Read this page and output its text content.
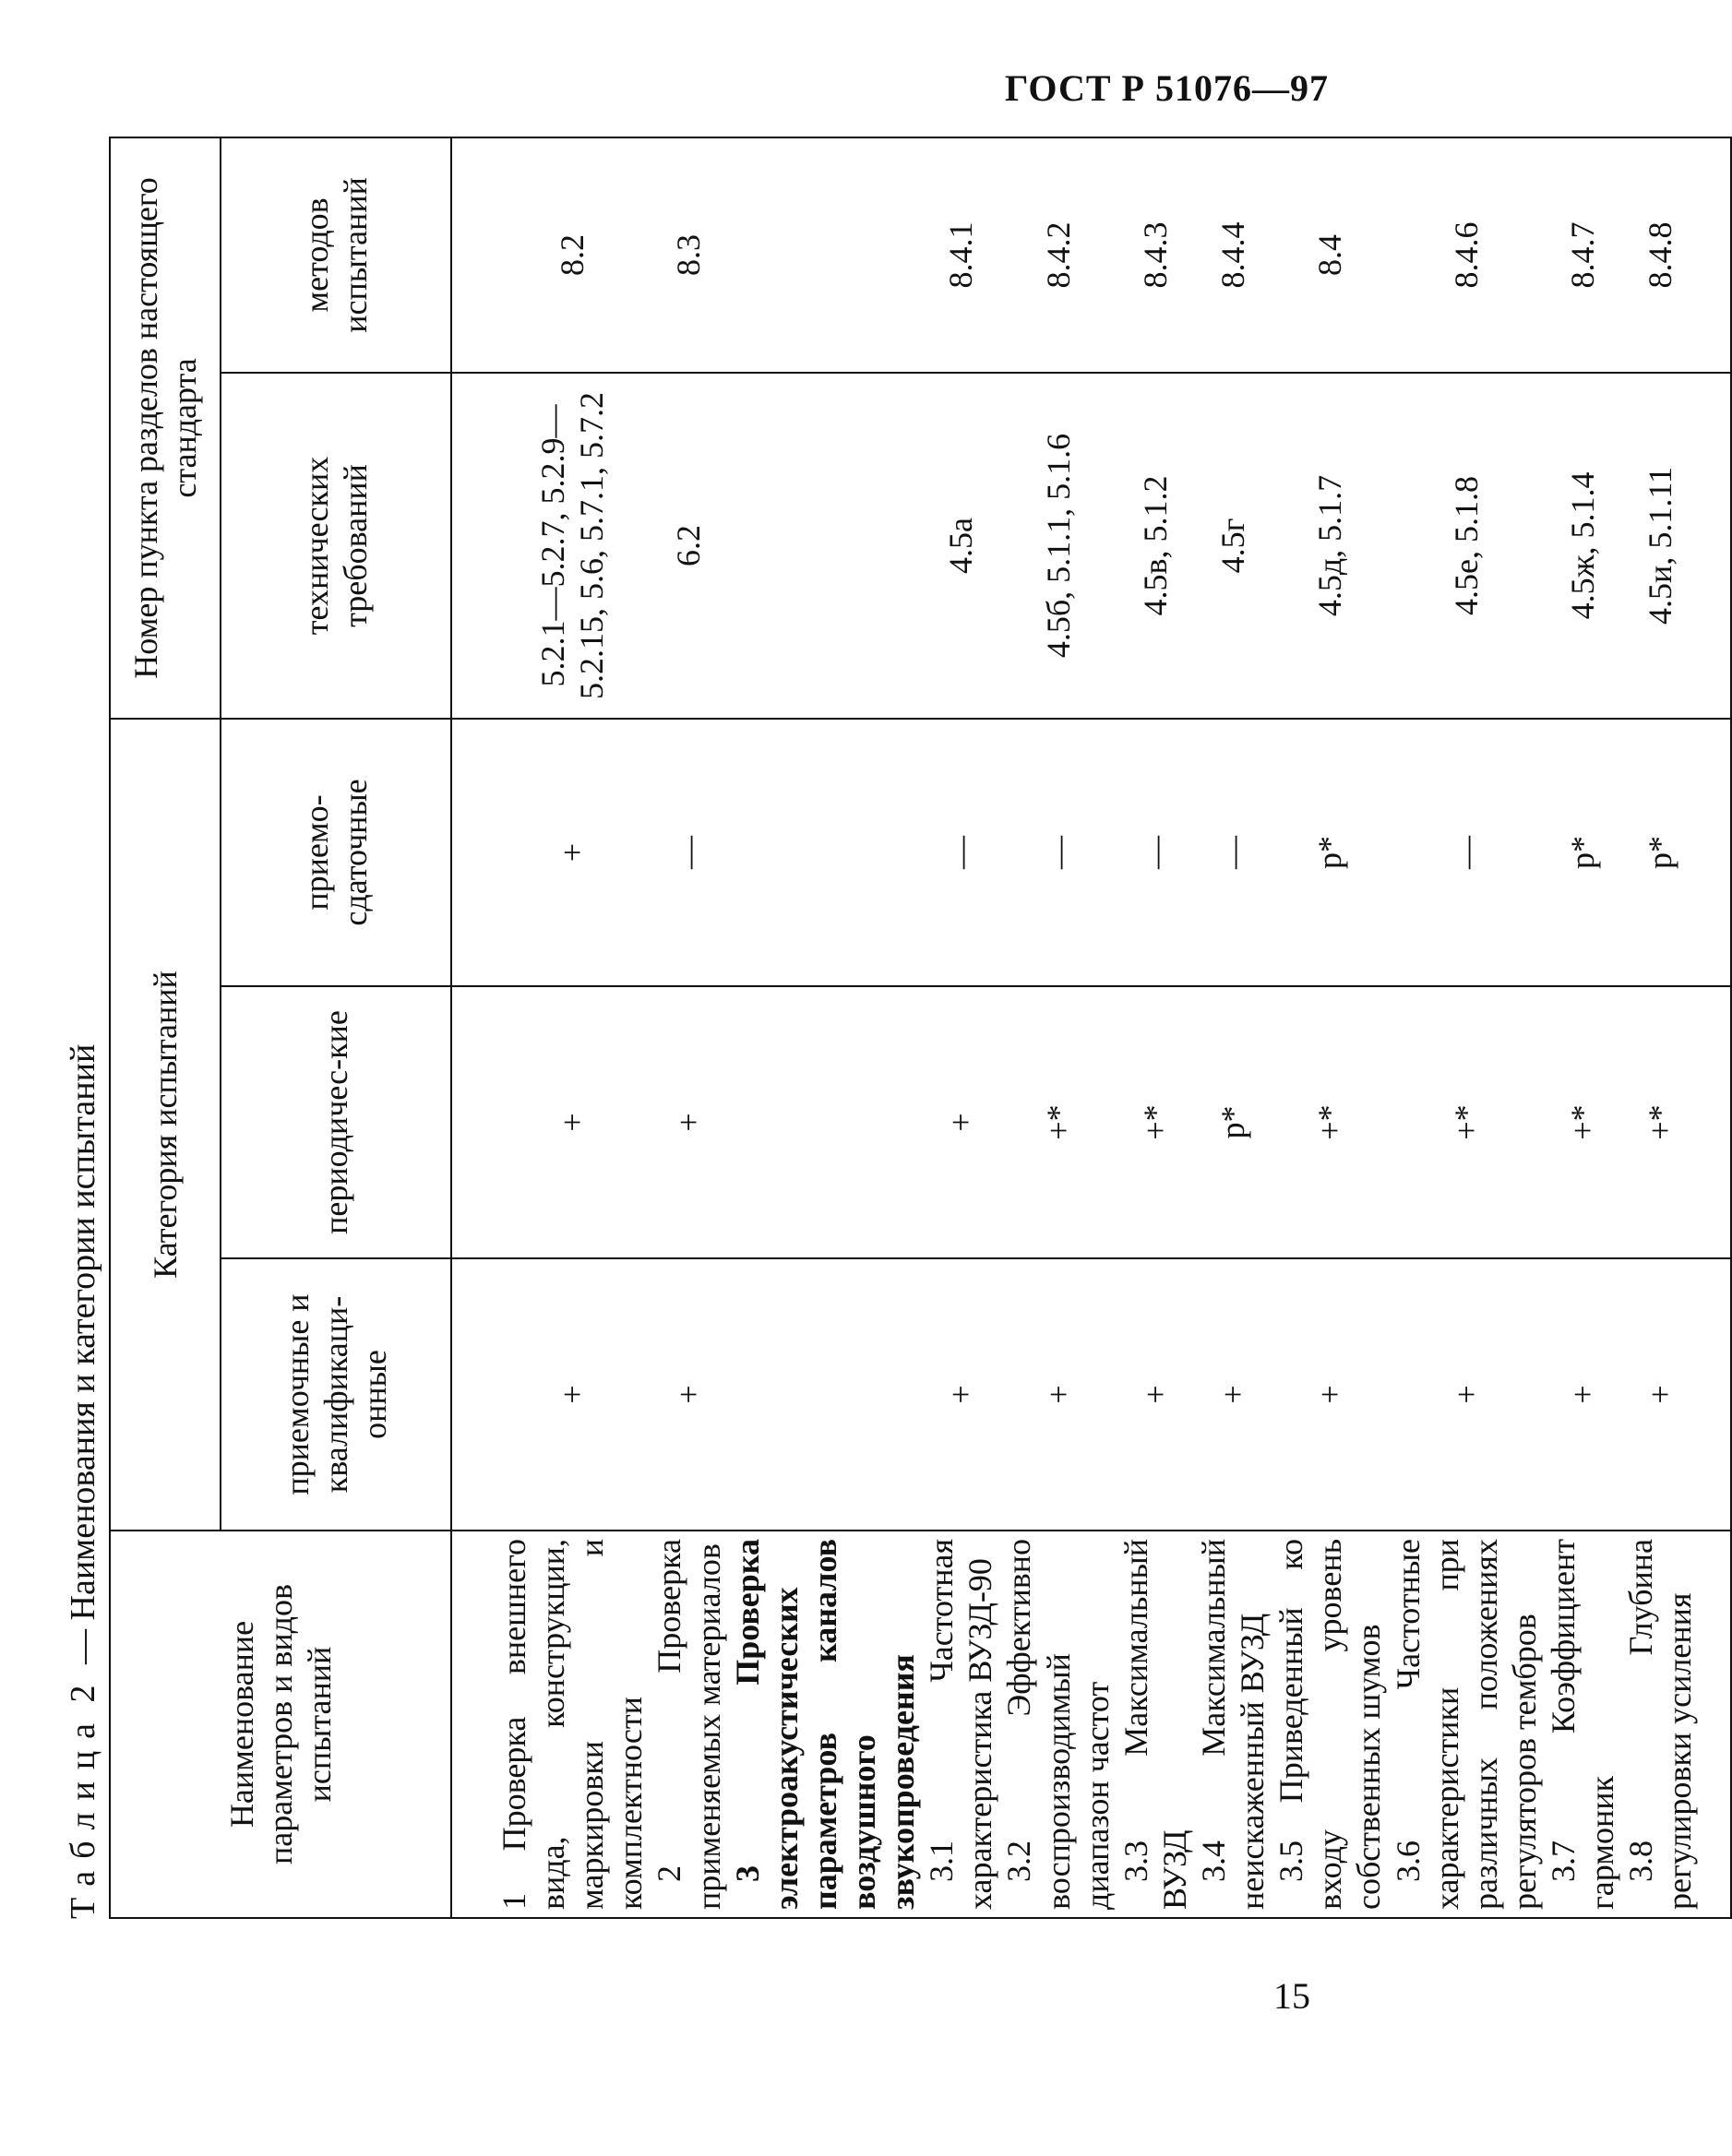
ГОСТ Р 51076—97
Таблица 2 — Наименования и категории испытаний
Наименование параметров и видов испытаний	Категория испытаний			Номер пункта разделов настоящего стандарта	
	приемочные и квалификаци-онные	периодичес-кие	приемо-сдаточные	технических требований	методов испытаний
1 Проверка внешнего вида, конструкции, маркировки и комплектности	+	+	+	5.2.1—5.2.7, 5.2.9—5.2.15, 5.6, 5.7.1, 5.7.2	8.2
2 Проверка применяемых материалов	+	+	—	6.2	8.3
3 Проверка электроакустических параметров каналов воздушного звукопроведения					
3.1 Частотная характеристика ВУЗД-90	+	+	—	4.5а	8.4.1
3.2 Эффективно воспроизводимый диапазон частот	+	+*	—	4.5б, 5.1.1, 5.1.6	8.4.2
3.3 Максимальный ВУЗД	+	+*	—	4.5в, 5.1.2	8.4.3
3.4 Максимальный неискаженный ВУЗД	+	p*	—	4.5г	8.4.4
3.5 Приведенный ко входу уровень собственных шумов	+	+*	p*	4.5д, 5.1.7	8.4
3.6 Частотные характеристики при различных положениях регуляторов тембров	+	+*	—	4.5е, 5.1.8	8.4.6
3.7 Коэффициент гармоник	+	+*	p*	4.5ж, 5.1.4	8.4.7
3.8 Глубина регулировки усиления	+	+*	p*	4.5и, 5.1.11	8.4.8
15
